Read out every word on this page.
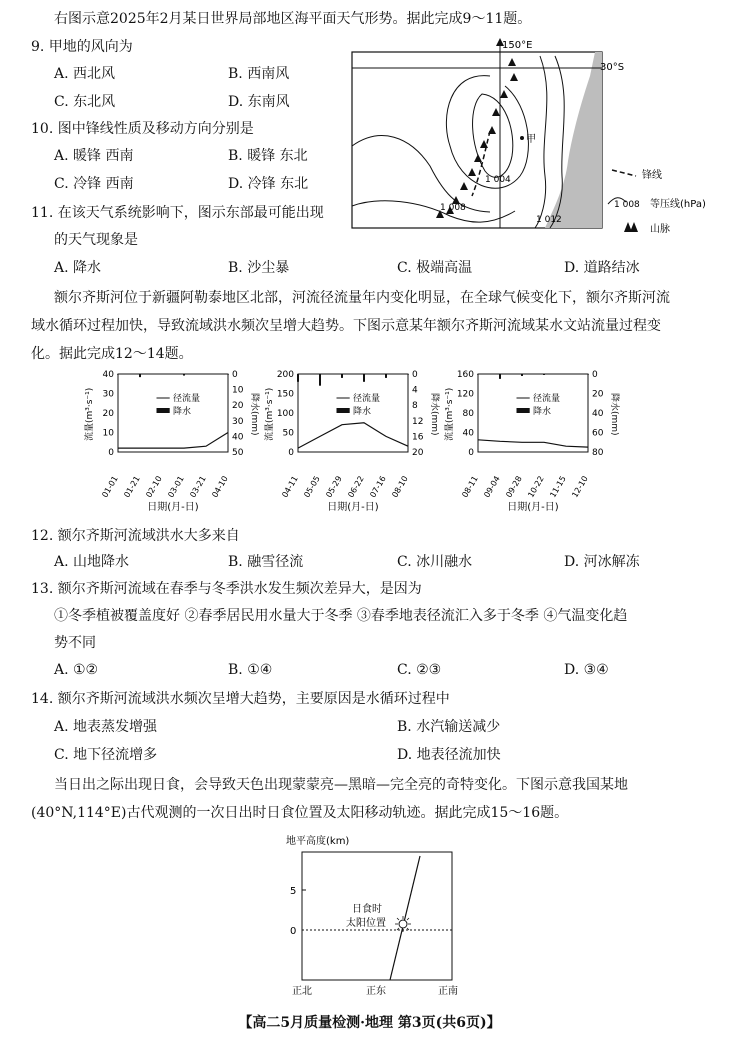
右图示意2025年2月某日世界局部地区海平面天气形势。据此完成9～11题。
9. 甲地的风向为
A. 西北风	B. 西南风
C. 东北风	D. 东南风
10. 图中锋线性质及移动方向分别是
A. 暖锋 西南	B. 暖锋 东北
C. 冷锋 西南	D. 冷锋 东北
11. 在该天气系统影响下，图示东部最可能出现
的天气现象是
A. 降水	B. 沙尘暴	C. 极端高温	D. 道路结冰
150°E
30°S
甲
1 004
1 008
1 012
锋线
1 008 等压线(hPa)
山脉
额尔齐斯河位于新疆阿勒泰地区北部，河流径流量年内变化明显，在全球气候变化下，额尔齐斯河流
域水循环过程加快，导致流域洪水频次呈增大趋势。下图示意某年额尔齐斯河流域某水文站流量过程变
化。据此完成12～14题。
0
10
20
30
40	0
10
20
30
40
50
01-01 01-21 02-10 03-01 03-21 04-10
径流量
降水
流量(m³·s⁻¹)	降水(mm)
日期(月-日)
0
50
100
150
200	0
4
8
12
16
20
04-11 05-05 05-29 06-22 07-16 08-10
径流量
降水
流量(m³·s⁻¹)	降水(mm)
日期(月-日)
0
40
80
120
160	0
20
40
60
80
08-11 09-04 09-28 10-22 11-15 12-10
径流量
降水
流量(m³·s⁻¹)	降水(mm)
日期(月-日)
12. 额尔齐斯河流域洪水大多来自
A. 山地降水	B. 融雪径流	C. 冰川融水	D. 河冰解冻
13. 额尔齐斯河流域在春季与冬季洪水发生频次差异大，是因为
①冬季植被覆盖度好 ②春季居民用水量大于冬季 ③春季地表径流汇入多于冬季 ④气温变化趋
势不同
A. ①②	B. ①④	C. ②③	D. ③④
14. 额尔齐斯河流域洪水频次呈增大趋势，主要原因是水循环过程中
A. 地表蒸发增强	B. 水汽输送减少
C. 地下径流增多	D. 地表径流加快
当日出之际出现日食，会导致天色出现蒙蒙亮—黑暗—完全亮的奇特变化。下图示意我国某地
(40°N,114°E)古代观测的一次日出时日食位置及太阳移动轨迹。据此完成15～16题。
地平高度(km)
5
0
日食时
太阳位置
正北	正东	正南
【高二5月质量检测·地理 第3页(共6页)】
